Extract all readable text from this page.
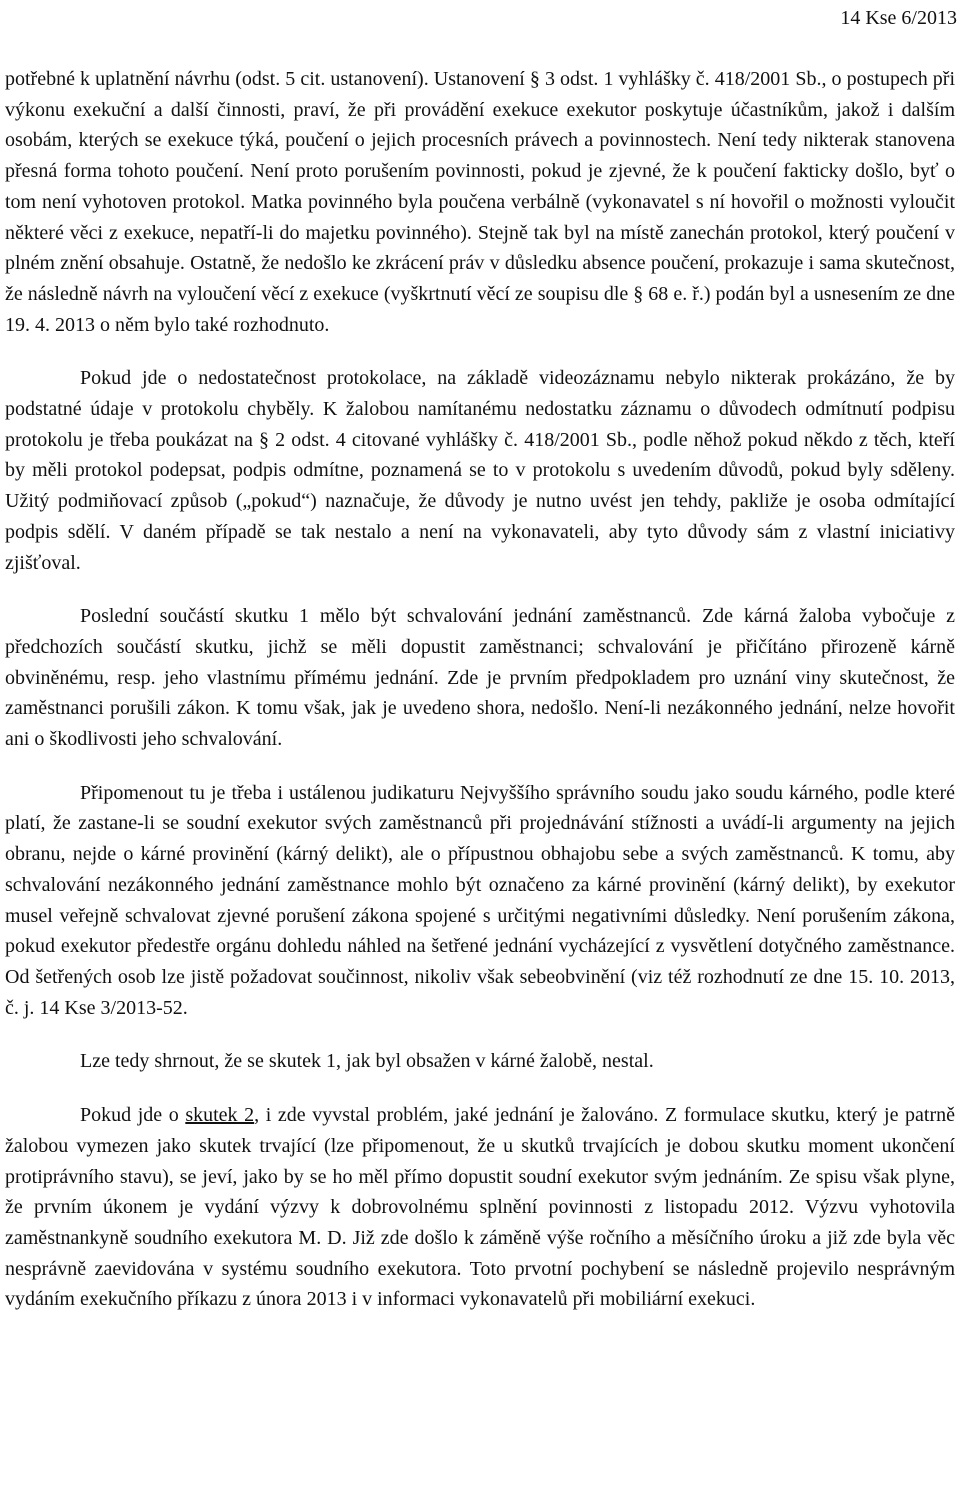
14 Kse 6/2013

potřebné k uplatnění návrhu (odst. 5 cit. ustanovení). Ustanovení § 3 odst. 1 vyhlášky č. 418/2001 Sb., o postupech při výkonu exekuční a další činnosti, praví, že při provádění exekuce exekutor poskytuje účastníkům, jakož i dalším osobám, kterých se exekuce týká, poučení o jejich procesních právech a povinnostech. Není tedy nikterak stanovena přesná forma tohoto poučení. Není proto porušením povinnosti, pokud je zjevné, že k poučení fakticky došlo, byť o tom není vyhotoven protokol. Matka povinného byla poučena verbálně (vykonavatel s ní hovořil o možnosti vyloučit některé věci z exekuce, nepatří-li do majetku povinného). Stejně tak byl na místě zanechán protokol, který poučení v plném znění obsahuje. Ostatně, že nedošlo ke zkrácení práv v důsledku absence poučení, prokazuje i sama skutečnost, že následně návrh na vyloučení věcí z exekuce (vyškrtnutí věcí ze soupisu dle § 68 e. ř.) podán byl a usnesením ze dne 19. 4. 2013 o něm bylo také rozhodnuto.

Pokud jde o nedostatečnost protokolace, na základě videozáznamu nebylo nikterak prokázáno, že by podstatné údaje v protokolu chyběly. K žalobou namítanému nedostatku záznamu o důvodech odmítnutí podpisu protokolu je třeba poukázat na § 2 odst. 4 citované vyhlášky č. 418/2001 Sb., podle něhož pokud někdo z těch, kteří by měli protokol podepsat, podpis odmítne, poznamená se to v protokolu s uvedením důvodů, pokud byly sděleny. Užitý podmiňovací způsob („pokud“) naznačuje, že důvody je nutno uvést jen tehdy, pakliže je osoba odmítající podpis sdělí. V daném případě se tak nestalo a není na vykonavateli, aby tyto důvody sám z vlastní iniciativy zjišťoval.

Poslední součástí skutku 1 mělo být schvalování jednání zaměstnanců. Zde kárná žaloba vybočuje z předchozích součástí skutku, jichž se měli dopustit zaměstnanci; schvalování je přičítáno přirozeně kárně obviněnému, resp. jeho vlastnímu přímému jednání. Zde je prvním předpokladem pro uznání viny skutečnost, že zaměstnanci porušili zákon. K tomu však, jak je uvedeno shora, nedošlo. Není-li nezákonného jednání, nelze hovořit ani o škodlivosti jeho schvalování.

Připomenout tu je třeba i ustálenou judikaturu Nejvyššího správního soudu jako soudu kárného, podle které platí, že zastane-li se soudní exekutor svých zaměstnanců při projednávání stížnosti a uvádí-li argumenty na jejich obranu, nejde o kárné provinění (kárný delikt), ale o přípustnou obhajobu sebe a svých zaměstnanců. K tomu, aby schvalování nezákonného jednání zaměstnance mohlo být označeno za kárné provinění (kárný delikt), by exekutor musel veřejně schvalovat zjevné porušení zákona spojené s určitými negativními důsledky. Není porušením zákona, pokud exekutor předestře orgánu dohledu náhled na šetřené jednání vycházející z vysvětlení dotyčného zaměstnance. Od šetřených osob lze jistě požadovat součinnost, nikoliv však sebeobvinění (viz též rozhodnutí ze dne 15. 10. 2013, č. j. 14 Kse 3/2013-52.

Lze tedy shrnout, že se skutek 1, jak byl obsažen v kárné žalobě, nestal.

Pokud jde o skutek 2, i zde vyvstal problém, jaké jednání je žalováno. Z formulace skutku, který je patrně žalobou vymezen jako skutek trvající (lze připomenout, že u skutků trvajících je dobou skutku moment ukončení protiprávního stavu), se jeví, jako by se ho měl přímo dopustit soudní exekutor svým jednáním. Ze spisu však plyne, že prvním úkonem je vydání výzvy k dobrovolnému splnění povinnosti z listopadu 2012. Výzvu vyhotovila zaměstnankyně soudního exekutora M. D. Již zde došlo k záměně výše ročního a měsíčního úroku a již zde byla věc nesprávně zaevidována v systému soudního exekutora. Toto prvotní pochybení se následně projevilo nesprávným vydáním exekučního příkazu z února 2013 i v informaci vykonavatelů při mobiliární exekuci.
